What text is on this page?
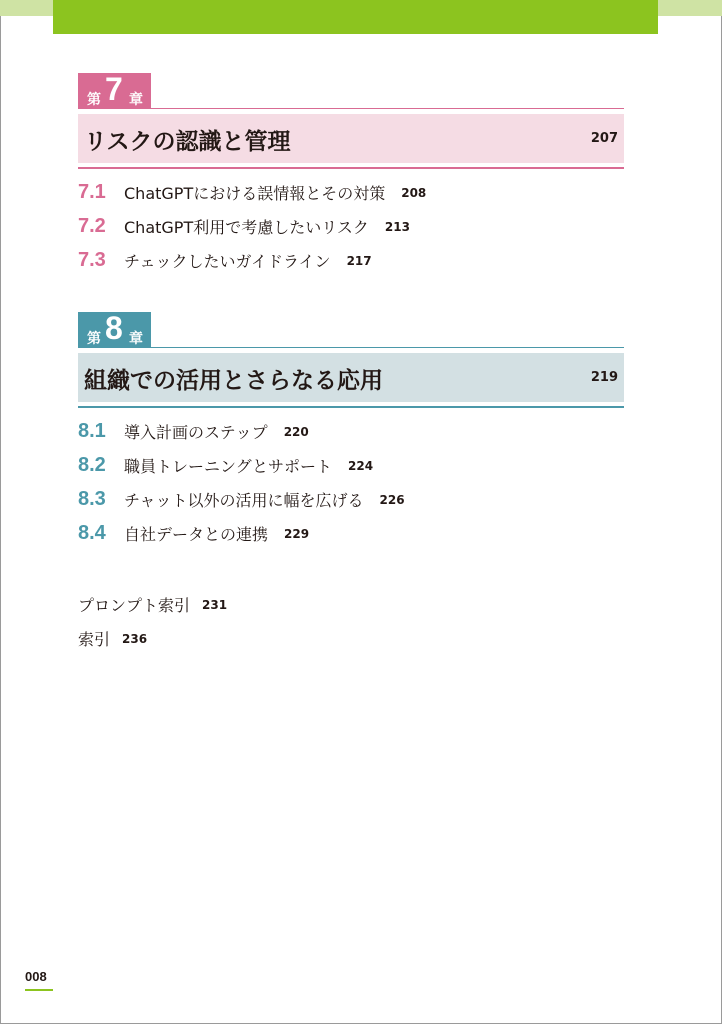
第 7 章
リスクの認識と管理	207
7.1 ChatGPTにおける誤情報とその対策 208
7.2 ChatGPT利用で考慮したいリスク 213
7.3 チェックしたいガイドライン 217
第 8 章
組織での活用とさらなる応用	219
8.1 導入計画のステップ 220
8.2 職員トレーニングとサポート 224
8.3 チャット以外の活用に幅を広げる 226
8.4 自社データとの連携 229
プロンプト索引 231
索引 236
008
